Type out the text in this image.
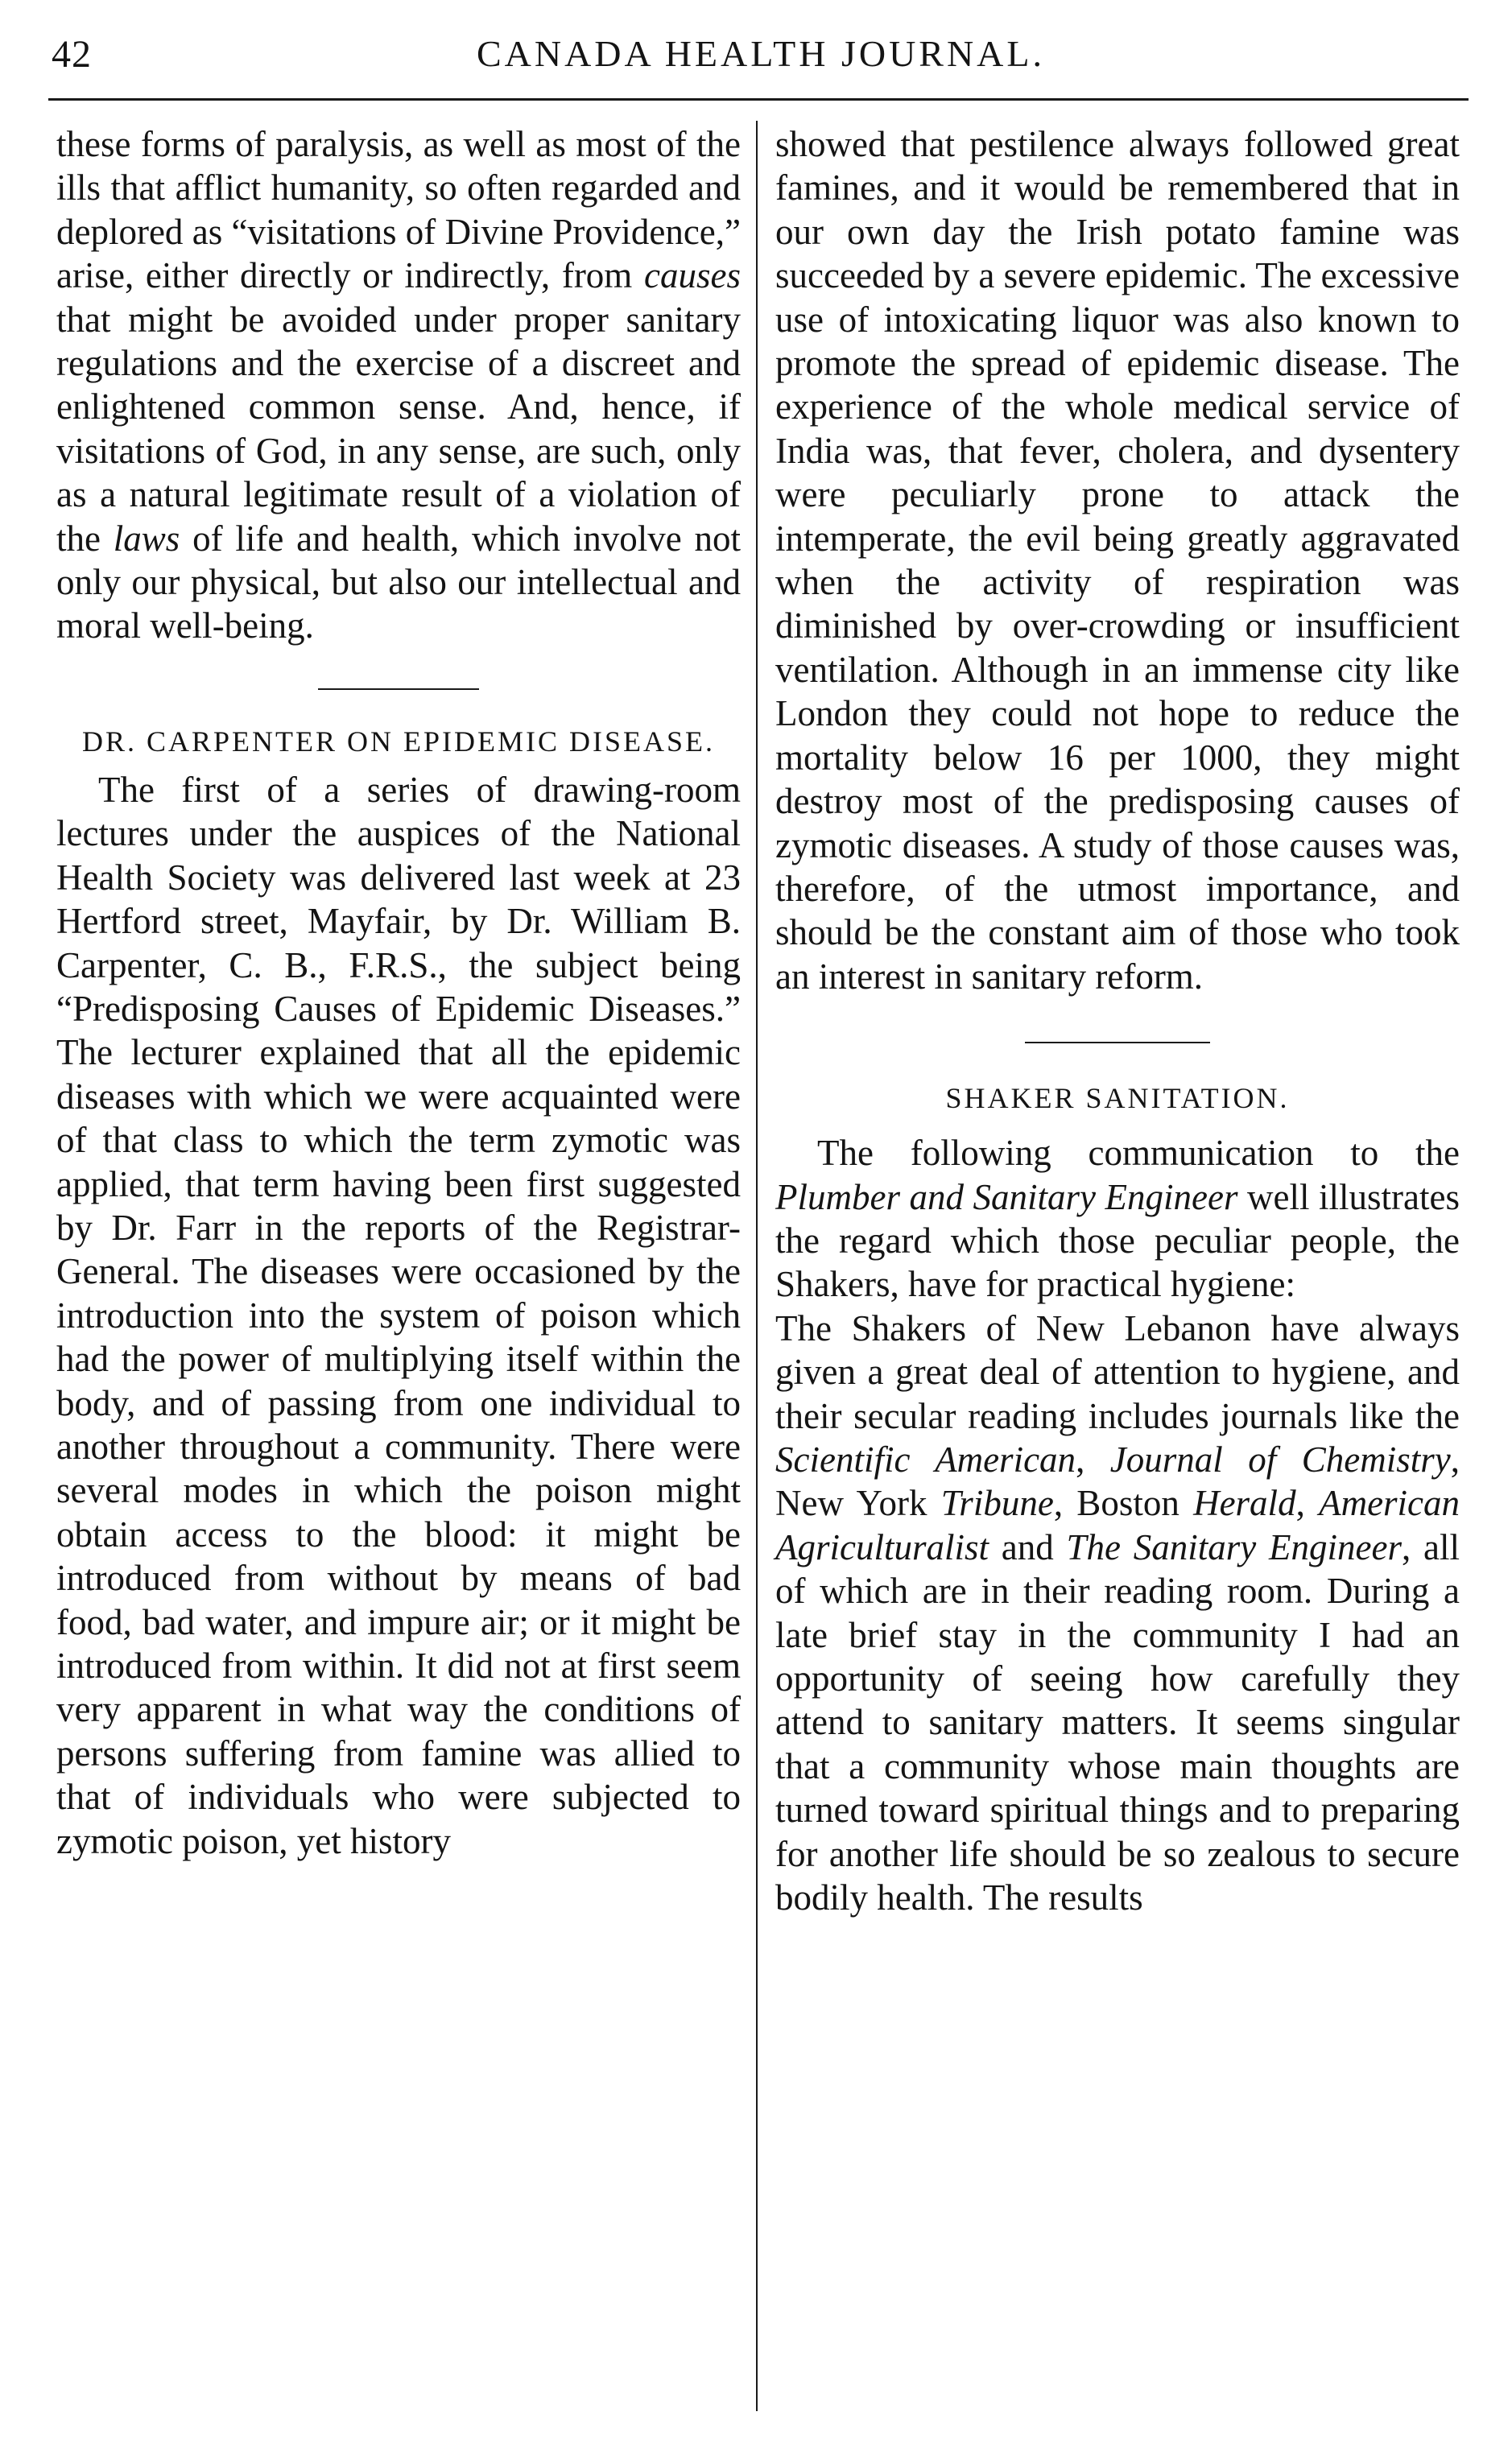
42	CANADA HEALTH JOURNAL.

these forms of paralysis, as well as most of the ills that afflict humanity, so often regarded and deplored as “visitations of Divine Providence,” arise, either directly or indirectly, from causes that might be avoided under proper sanitary regulations and the exercise of a discreet and enlightened common sense. And, hence, if visitations of God, in any sense, are such, only as a natural legitimate result of a violation of the laws of life and health, which involve not only our physical, but also our intellectual and moral well-being.

DR. CARPENTER ON EPIDEMIC DISEASE.

The first of a series of drawing-room lectures under the auspices of the National Health Society was delivered last week at 23 Hertford street, Mayfair, by Dr. William B. Carpenter, C. B., F.R.S., the subject being “Predisposing Causes of Epidemic Diseases.” The lecturer explained that all the epidemic diseases with which we were acquainted were of that class to which the term zymotic was applied, that term having been first suggested by Dr. Farr in the reports of the Registrar-General. The diseases were occasioned by the introduction into the system of poison which had the power of multiplying itself within the body, and of passing from one individual to another throughout a community. There were several modes in which the poison might obtain access to the blood: it might be introduced from without by means of bad food, bad water, and impure air; or it might be introduced from within. It did not at first seem very apparent in what way the conditions of persons suffering from famine was allied to that of individuals who were subjected to zymotic poison, yet history

showed that pestilence always followed great famines, and it would be remembered that in our own day the Irish potato famine was succeeded by a severe epidemic. The excessive use of intoxicating liquor was also known to promote the spread of epidemic disease. The experience of the whole medical service of India was, that fever, cholera, and dysentery were peculiarly prone to attack the intemperate, the evil being greatly aggravated when the activity of respiration was diminished by over-crowding or insufficient ventilation. Although in an immense city like London they could not hope to reduce the mortality below 16 per 1000, they might destroy most of the predisposing causes of zymotic diseases. A study of those causes was, therefore, of the utmost importance, and should be the constant aim of those who took an interest in sanitary reform.

SHAKER SANITATION.

The following communication to the Plumber and Sanitary Engineer well illustrates the regard which those peculiar people, the Shakers, have for practical hygiene:

The Shakers of New Lebanon have always given a great deal of attention to hygiene, and their secular reading includes journals like the Scientific American, Journal of Chemistry, New York Tribune, Boston Herald, American Agriculturalist and The Sanitary Engineer, all of which are in their reading room. During a late brief stay in the community I had an opportunity of seeing how carefully they attend to sanitary matters. It seems singular that a community whose main thoughts are turned toward spiritual things and to preparing for another life should be so zealous to secure bodily health. The results
